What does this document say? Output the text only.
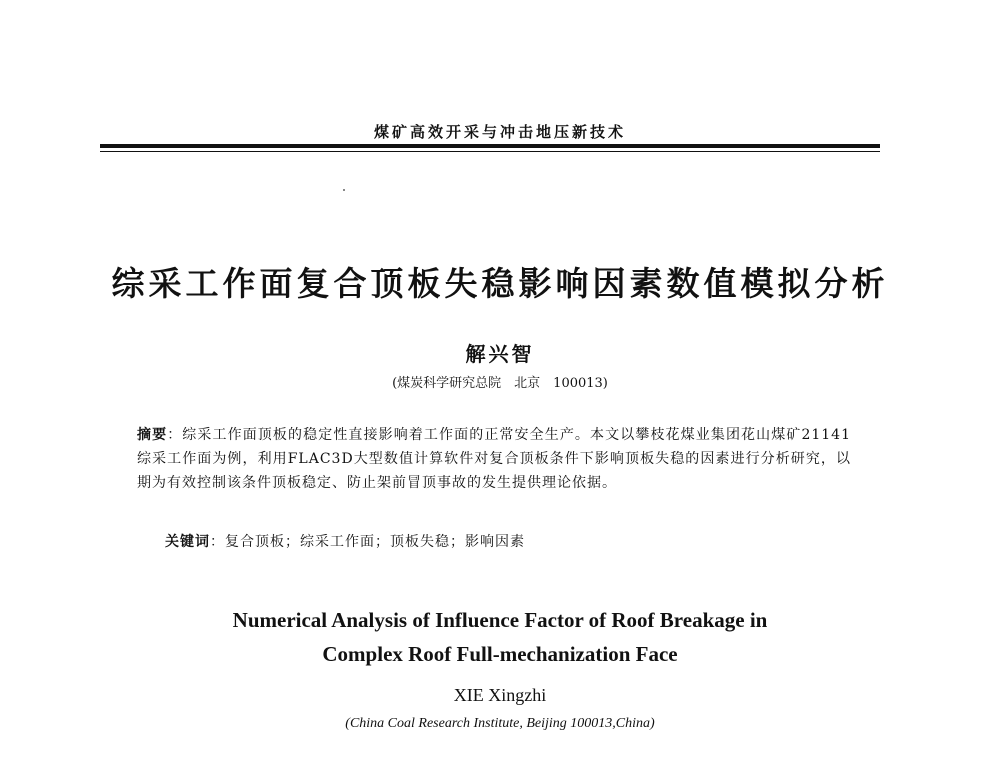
煤矿高效开采与冲击地压新技术
综采工作面复合顶板失稳影响因素数值模拟分析
解兴智
(煤炭科学研究总院　北京　100013)
摘要：综采工作面顶板的稳定性直接影响着工作面的正常安全生产。本文以攀枝花煤业集团花山煤矿21141综采工作面为例，利用FLAC3D大型数值计算软件对复合顶板条件下影响顶板失稳的因素进行分析研究，以期为有效控制该条件顶板稳定、防止架前冒顶事故的发生提供理论依据。
关键词：复合顶板；综采工作面；顶板失稳；影响因素
Numerical Analysis of Influence Factor of Roof Breakage in
Complex Roof Full-mechanization Face
XIE Xingzhi
(China Coal Research Institute, Beijing 100013,China)
